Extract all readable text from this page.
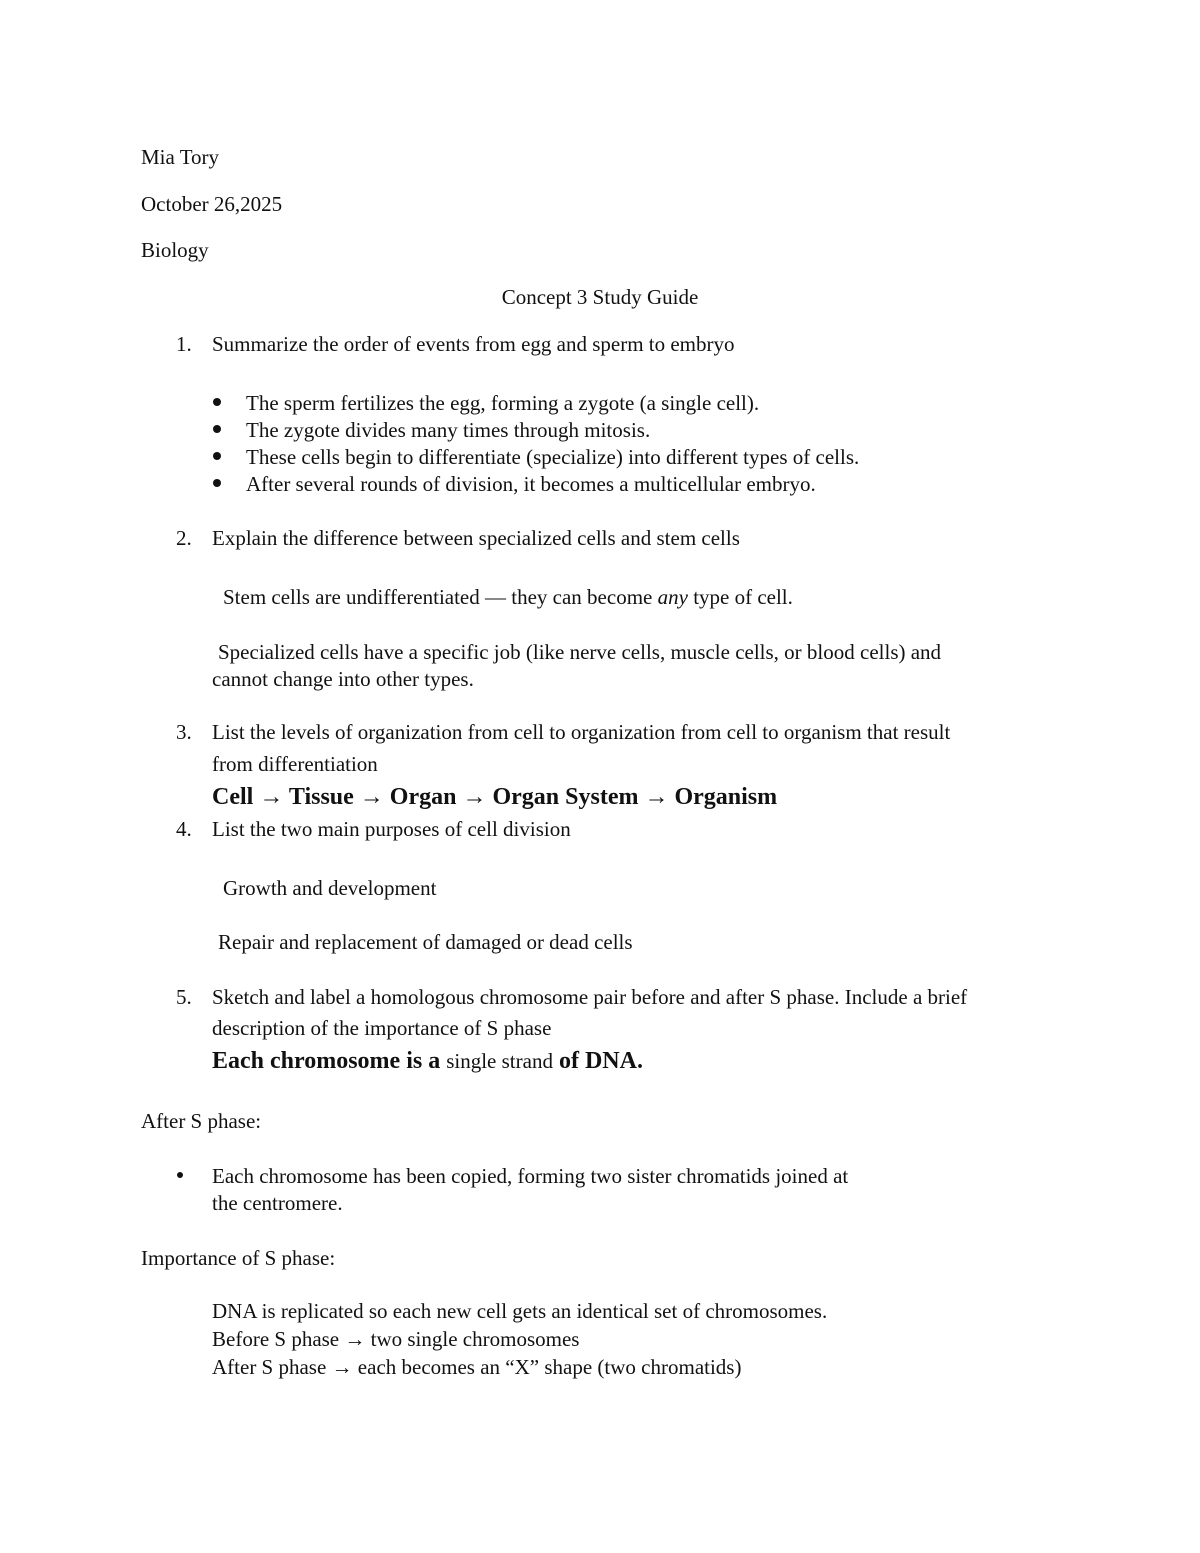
Mia Tory
October 26,2025
Biology
Concept 3 Study Guide
1. Summarize the order of events from egg and sperm to embryo
The sperm fertilizes the egg, forming a zygote (a single cell).
The zygote divides many times through mitosis.
These cells begin to differentiate (specialize) into different types of cells.
After several rounds of division, it becomes a multicellular embryo.
2. Explain the difference between specialized cells and stem cells
Stem cells are undifferentiated — they can become any type of cell.
Specialized cells have a specific job (like nerve cells, muscle cells, or blood cells) and
cannot change into other types.
3. List the levels of organization from cell to organization from cell to organism that result
from differentiation
Cell → Tissue → Organ → Organ System → Organism
4. List the two main purposes of cell division
Growth and development
Repair and replacement of damaged or dead cells
5. Sketch and label a homologous chromosome pair before and after S phase. Include a brief
description of the importance of S phase
Each chromosome is a single strand of DNA.
After S phase:
Each chromosome has been copied, forming two sister chromatids joined at
the centromere.
Importance of S phase:
DNA is replicated so each new cell gets an identical set of chromosomes.
Before S phase → two single chromosomes
After S phase → each becomes an “X” shape (two chromatids)
